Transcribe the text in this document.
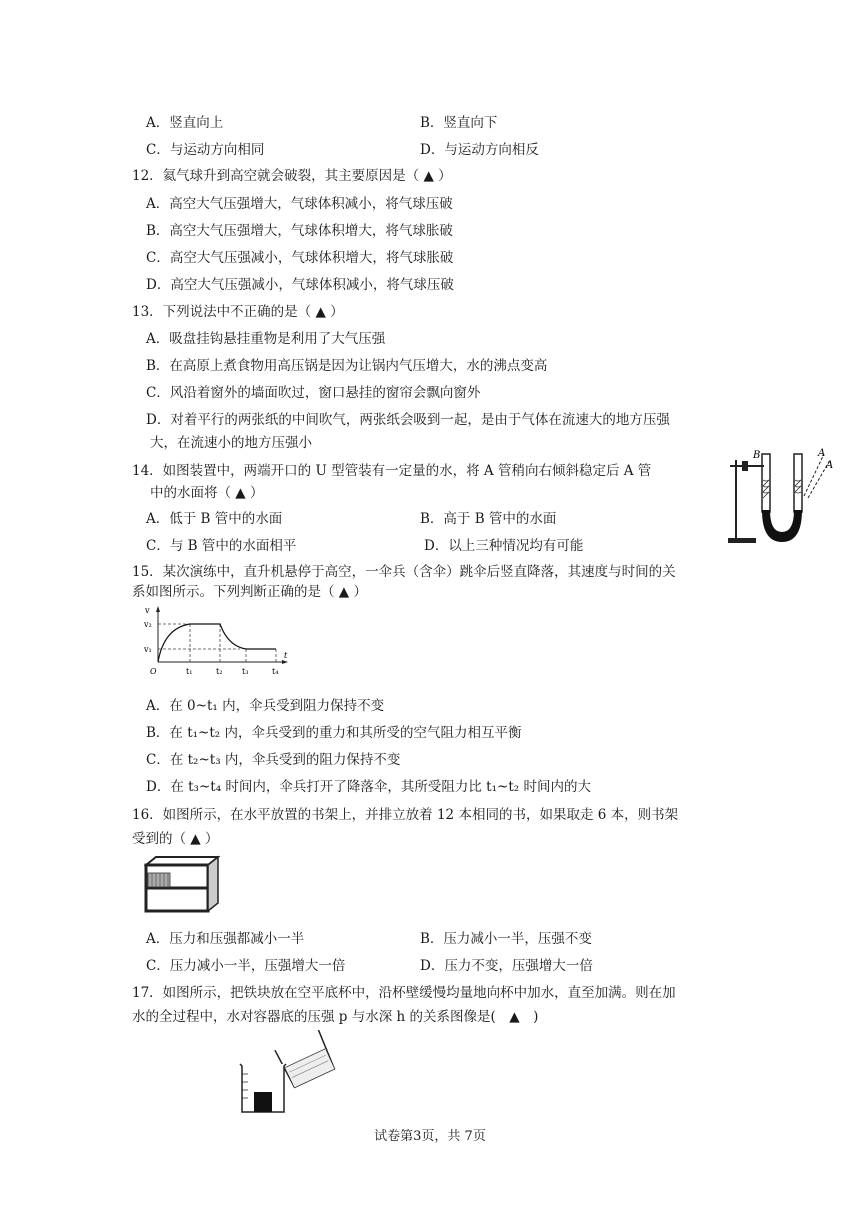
A．竖直向上	B．竖直向下
C．与运动方向相同	D．与运动方向相反
12．氦气球升到高空就会破裂，其主要原因是（ ▲ ）
A．高空大气压强增大，气球体积减小，将气球压破
B．高空大气压强增大，气球体积增大，将气球胀破
C．高空大气压强减小，气球体积增大，将气球胀破
D．高空大气压强减小，气球体积减小，将气球压破
13．下列说法中不正确的是（ ▲ ）
A．吸盘挂钩悬挂重物是利用了大气压强
B．在高原上煮食物用高压锅是因为让锅内气压增大，水的沸点变高
C．风沿着窗外的墙面吹过，窗口悬挂的窗帘会飘向窗外
D．对着平行的两张纸的中间吹气，两张纸会吸到一起，是由于气体在流速大的地方压强
大，在流速小的地方压强小
14．如图装置中，两端开口的 U 型管装有一定量的水，将 A 管稍向右倾斜稳定后 A 管
中的水面将（ ▲ ）
A．低于 B 管中的水面	B．高于 B 管中的水面
C．与 B 管中的水面相平	D．以上三种情况均有可能
B	A
A
15．某次演练中，直升机悬停于高空，一伞兵（含伞）跳伞后竖直降落，其速度与时间的关
系如图所示。下列判断正确的是（ ▲ ）
v
v₂
v₁
O
t
t₁	t₂ t₃	t₄
A．在 0~t₁ 内，伞兵受到阻力保持不变
B．在 t₁~t₂ 内，伞兵受到的重力和其所受的空气阻力相互平衡
C．在 t₂~t₃ 内，伞兵受到的阻力保持不变
D．在 t₃~t₄ 时间内，伞兵打开了降落伞，其所受阻力比 t₁~t₂ 时间内的大
16．如图所示，在水平放置的书架上，并排立放着 12 本相同的书，如果取走 6 本，则书架
受到的（ ▲ ）
A．压力和压强都减小一半	B．压力减小一半，压强不变
C．压力减小一半，压强增大一倍	D．压力不变，压强增大一倍
17．如图所示，把铁块放在空平底杯中，沿杯壁缓慢均量地向杯中加水，直至加满。则在加
水的全过程中，水对容器底的压强 p 与水深 h 的关系图像是(　▲　)
试卷第3页，共 7页
